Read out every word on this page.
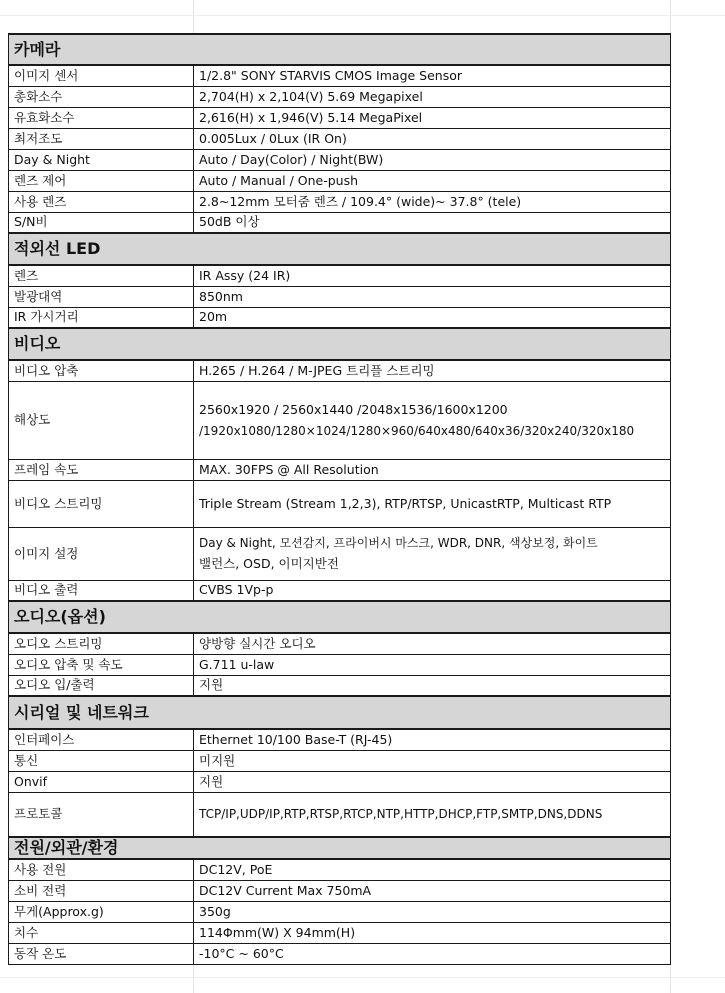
카메라	
이미지 센서	1/2.8" SONY STARVIS CMOS Image Sensor
총화소수	2,704(H) x 2,104(V) 5.69 Megapixel
유효화소수	2,616(H) x 1,946(V) 5.14 MegaPixel
최저조도	0.005Lux / 0Lux (IR On)
Day & Night	Auto / Day(Color) / Night(BW)
렌즈 제어	Auto / Manual / One-push
사용 렌즈	2.8~12mm 모터줌 렌즈 / 109.4° (wide)~ 37.8° (tele)
S/N비	50dB 이상
적외선 LED	
렌즈	IR Assy (24 IR)
발광대역	850nm
IR 가시거리	20m
비디오	
비디오 압축	H.265 / H.264 / M-JPEG 트리플 스트리밍
해상도	2560x1920 / 2560x1440 /2048x1536/1600x1200
/1920x1080/1280×1024/1280×960/640x480/640x36/320x240/320x180

프레임 속도	MAX. 30FPS @ All Resolution
비디오 스트리밍	Triple Stream (Stream 1,2,3), RTP/RTSP, UnicastRTP, Multicast RTP
이미지 설정	Day & Night, 모션감지, 프라이버시 마스크, WDR, DNR, 색상보정, 화이트
밸런스, OSD, 이미지반전

비디오 출력	CVBS 1Vp-p
오디오(옵션)	
오디오 스트리밍	양방향 실시간 오디오
오디오 압축 및 속도	G.711 u-law
오디오 입/출력	지원
시리얼 및 네트워크	
인터페이스	Ethernet 10/100 Base-T (RJ-45)
통신	미지원
Onvif	지원
프로토콜	TCP/IP,UDP/IP,RTP,RTSP,RTCP,NTP,HTTP,DHCP,FTP,SMTP,DNS,DDNS
전원/외관/환경	
사용 전원	DC12V, PoE
소비 전력	DC12V Current Max 750mA
무게(Approx.g)	350g
치수	114Φmm(W) X 94mm(H)
동작 온도	-10°C ~ 60°C
